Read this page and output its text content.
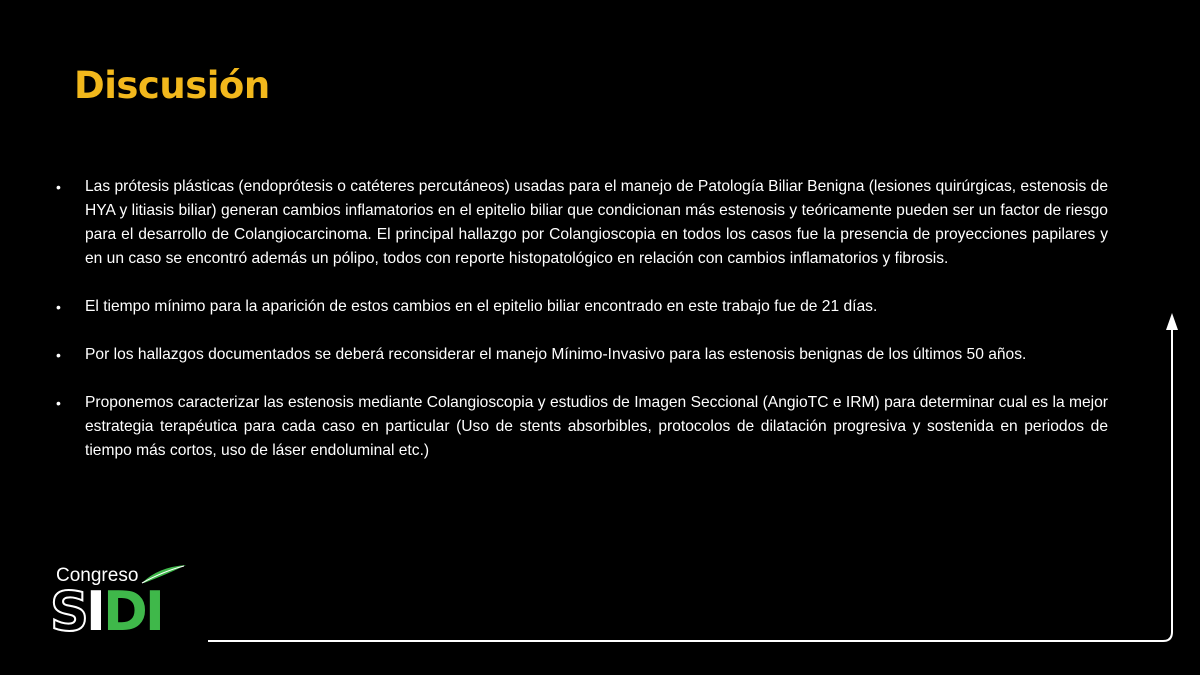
Discusión
•	Las prótesis plásticas (endoprótesis o catéteres percutáneos) usadas para el manejo de Patología Biliar Benigna (lesiones quirúrgicas, estenosis de HYA y litiasis biliar) generan cambios inflamatorios en el epitelio biliar que condicionan más estenosis y teóricamente pueden ser un factor de riesgo para el desarrollo de Colangiocarcinoma. El principal hallazgo por Colangioscopia en todos los casos fue la presencia de proyecciones papilares y en un caso se encontró además un pólipo, todos con reporte histopatológico en relación con cambios inflamatorios y fibrosis.
•	El tiempo mínimo para la aparición de estos cambios en el epitelio biliar encontrado en este trabajo fue de 21 días.
•	Por los hallazgos documentados se deberá reconsiderar el manejo Mínimo-Invasivo para las estenosis benignas de los últimos 50 años.
•	Proponemos caracterizar las estenosis mediante Colangioscopia y estudios de Imagen Seccional (AngioTC e IRM) para determinar cual es la mejor estrategia terapéutica para cada caso en particular (Uso de stents absorbibles, protocolos de dilatación progresiva y sostenida en periodos de tiempo más cortos, uso de láser endoluminal etc.)
Congreso
SIDI
